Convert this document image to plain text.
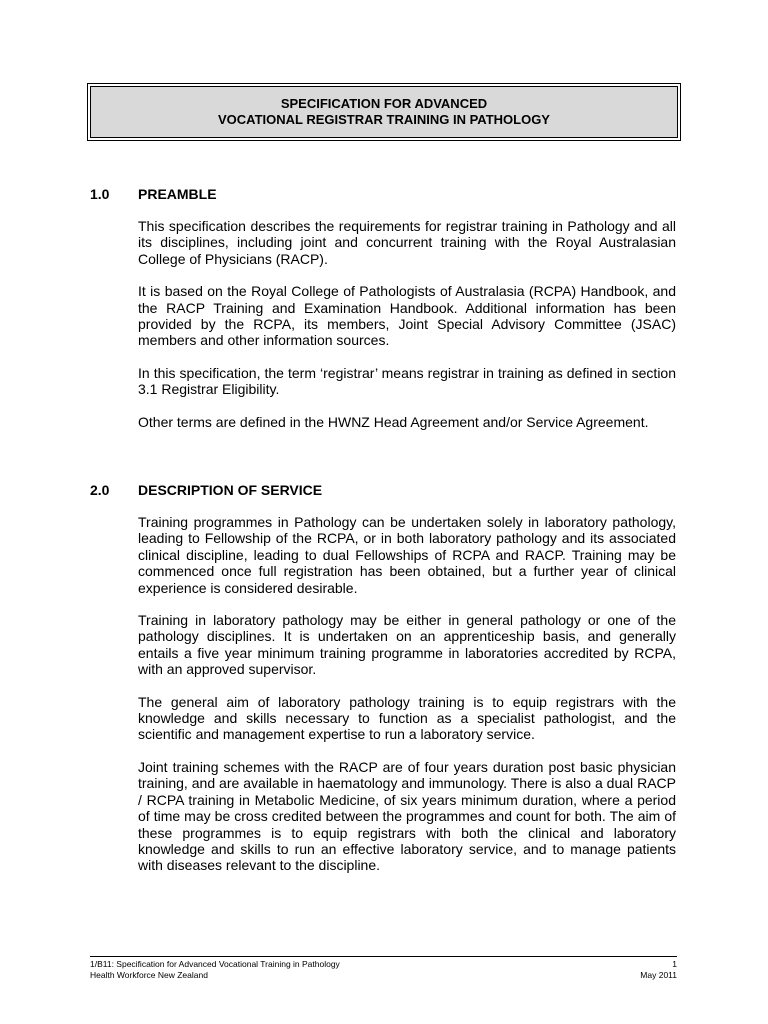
SPECIFICATION FOR ADVANCED
VOCATIONAL REGISTRAR TRAINING IN PATHOLOGY
1.0	PREAMBLE

This specification describes the requirements for registrar training in Pathology and all its disciplines, including joint and concurrent training with the Royal Australasian College of Physicians (RACP).

It is based on the Royal College of Pathologists of Australasia (RCPA) Handbook, and the RACP Training and Examination Handbook. Additional information has been provided by the RCPA, its members, Joint Special Advisory Committee (JSAC) members and other information sources.

In this specification, the term ‘registrar’ means registrar in training as defined in section 3.1 Registrar Eligibility.

Other terms are defined in the HWNZ Head Agreement and/or Service Agreement.

2.0	DESCRIPTION OF SERVICE

Training programmes in Pathology can be undertaken solely in laboratory pathology, leading to Fellowship of the RCPA, or in both laboratory pathology and its associated clinical discipline, leading to dual Fellowships of RCPA and RACP. Training may be commenced once full registration has been obtained, but a further year of clinical experience is considered desirable.

Training in laboratory pathology may be either in general pathology or one of the pathology disciplines. It is undertaken on an apprenticeship basis, and generally entails a five year minimum training programme in laboratories accredited by RCPA, with an approved supervisor.

The general aim of laboratory pathology training is to equip registrars with the knowledge and skills necessary to function as a specialist pathologist, and the scientific and management expertise to run a laboratory service.

Joint training schemes with the RACP are of four years duration post basic physician training, and are available in haematology and immunology. There is also a dual RACP / RCPA training in Metabolic Medicine, of six years minimum duration, where a period of time may be cross credited between the programmes and count for both. The aim of these programmes is to equip registrars with both the clinical and laboratory knowledge and skills to run an effective laboratory service, and to manage patients with diseases relevant to the discipline.

1/B11: Specification for Advanced Vocational Training in Pathology	1
Health Workforce New Zealand	May 2011
